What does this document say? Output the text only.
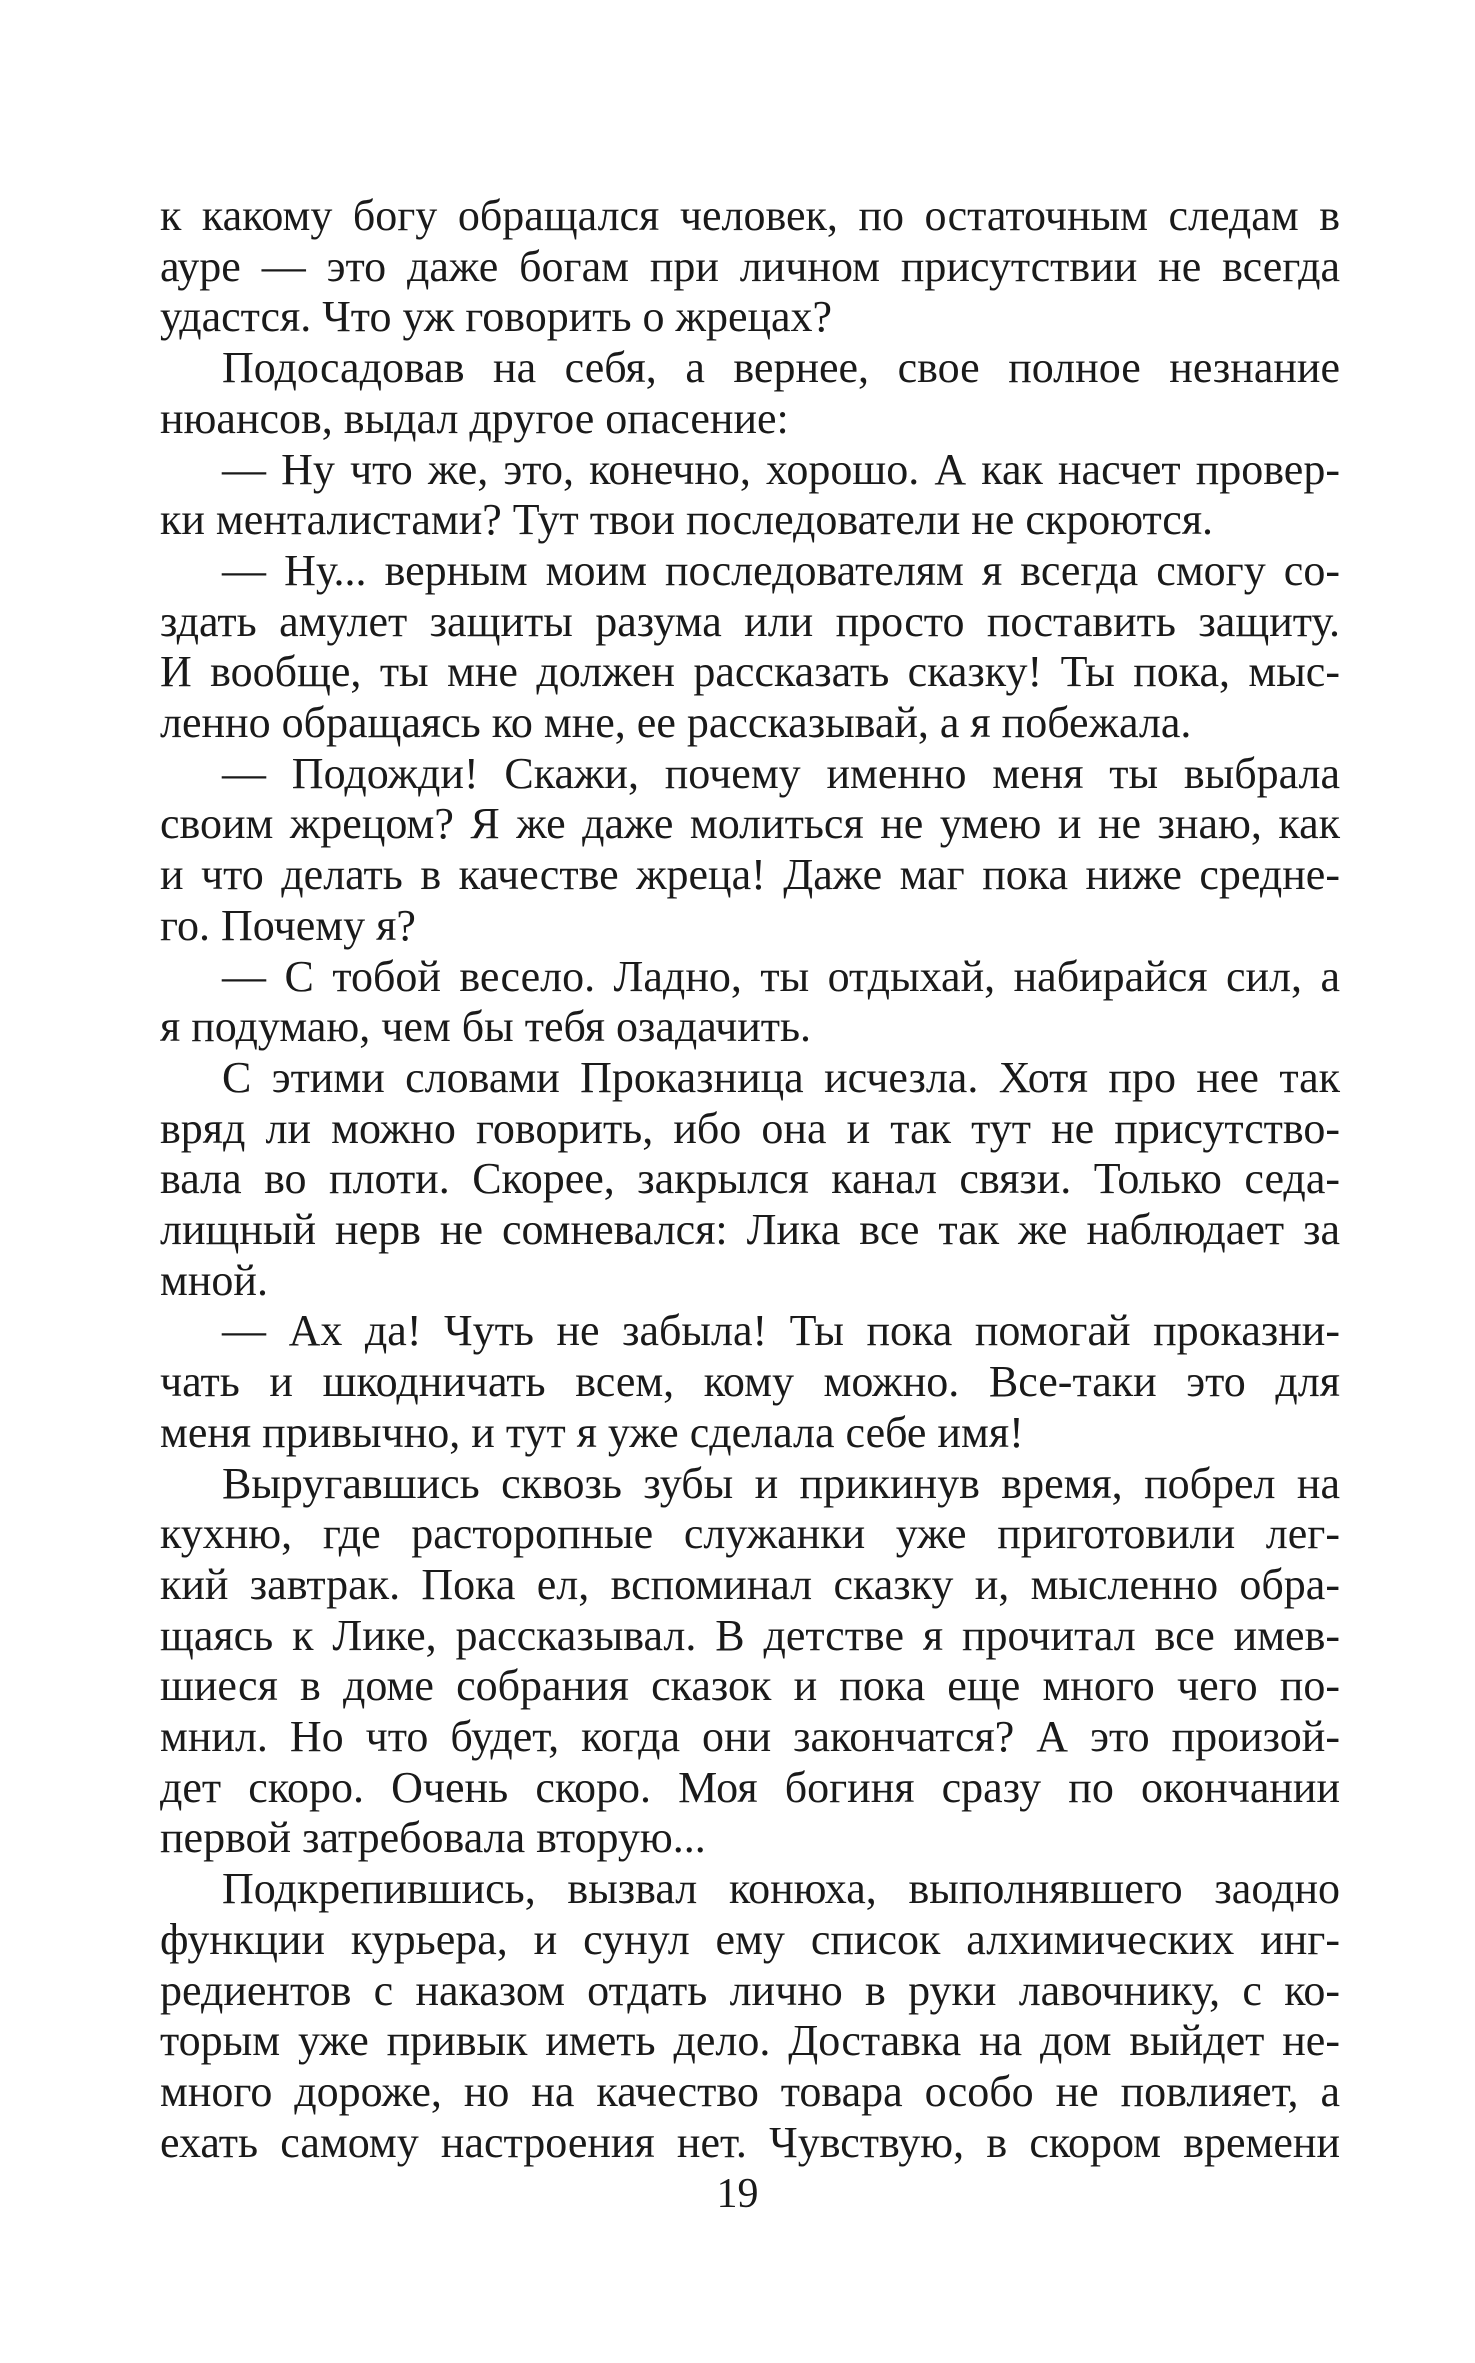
к какому богу обращался человек, по остаточным следам в
ауре — это даже богам при личном присутствии не всегда
удастся. Что уж говорить о жрецах?
Подосадовав на себя, а вернее, свое полное незнание
нюансов, выдал другое опасение:
— Ну что же, это, конечно, хорошо. А как насчет провер-
ки менталистами? Тут твои последователи не скроются.
— Ну... верным моим последователям я всегда смогу со-
здать амулет защиты разума или просто поставить защиту.
И вообще, ты мне должен рассказать сказку! Ты пока, мыс-
ленно обращаясь ко мне, ее рассказывай, а я побежала.
— Подожди! Скажи, почему именно меня ты выбрала
своим жрецом? Я же даже молиться не умею и не знаю, как
и что делать в качестве жреца! Даже маг пока ниже средне-
го. Почему я?
— С тобой весело. Ладно, ты отдыхай, набирайся сил, а
я подумаю, чем бы тебя озадачить.
С этими словами Проказница исчезла. Хотя про нее так
вряд ли можно говорить, ибо она и так тут не присутство-
вала во плоти. Скорее, закрылся канал связи. Только седа-
лищный нерв не сомневался: Лика все так же наблюдает за
мной.
— Ах да! Чуть не забыла! Ты пока помогай проказни-
чать и шкодничать всем, кому можно. Все-таки это для
меня привычно, и тут я уже сделала себе имя!
Выругавшись сквозь зубы и прикинув время, побрел на
кухню, где расторопные служанки уже приготовили лег-
кий завтрак. Пока ел, вспоминал сказку и, мысленно обра-
щаясь к Лике, рассказывал. В детстве я прочитал все имев-
шиеся в доме собрания сказок и пока еще много чего по-
мнил. Но что будет, когда они закончатся? А это произой-
дет скоро. Очень скоро. Моя богиня сразу по окончании
первой затребовала вторую...
Подкрепившись, вызвал конюха, выполнявшего заодно
функции курьера, и сунул ему список алхимических инг-
редиентов с наказом отдать лично в руки лавочнику, с ко-
торым уже привык иметь дело. Доставка на дом выйдет не-
много дороже, но на качество товара особо не повлияет, а
ехать самому настроения нет. Чувствую, в скором времени
19
